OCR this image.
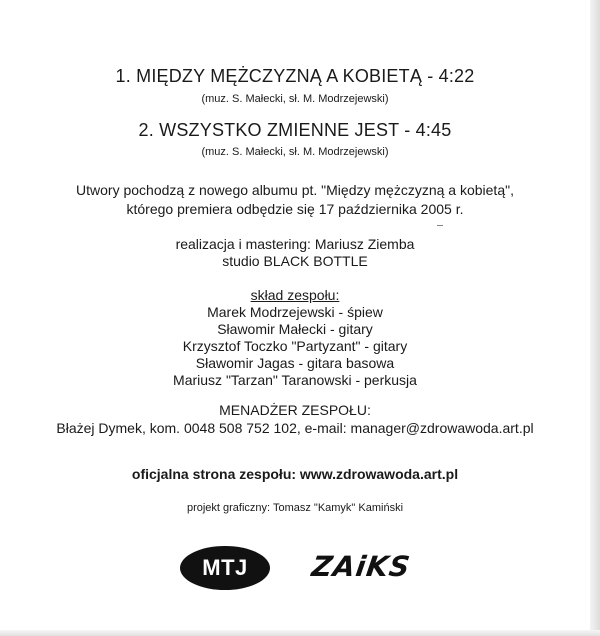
1. MIĘDZY MĘŻCZYZNĄ A KOBIETĄ - 4:22
(muz. S. Małecki, sł. M. Modrzejewski)
2. WSZYSTKO ZMIENNE JEST - 4:45
(muz. S. Małecki, sł. M. Modrzejewski)
Utwory pochodzą z nowego albumu pt. "Między mężczyzną a kobietą",
którego premiera odbędzie się 17 października 2005 r.
realizacja i mastering: Mariusz Ziemba
studio BLACK BOTTLE
skład zespołu:
Marek Modrzejewski - śpiew
Sławomir Małecki - gitary
Krzysztof Toczko "Partyzant" - gitary
Sławomir Jagas - gitara basowa
Mariusz "Tarzan" Taranowski - perkusja
MENADŻER ZESPOŁU:
Błażej Dymek, kom. 0048 508 752 102, e-mail: manager@zdrowawoda.art.pl
oficjalna strona zespołu: www.zdrowawoda.art.pl
projekt graficzny: Tomasz "Kamyk" Kamiński
MTJ	ZAiKS
